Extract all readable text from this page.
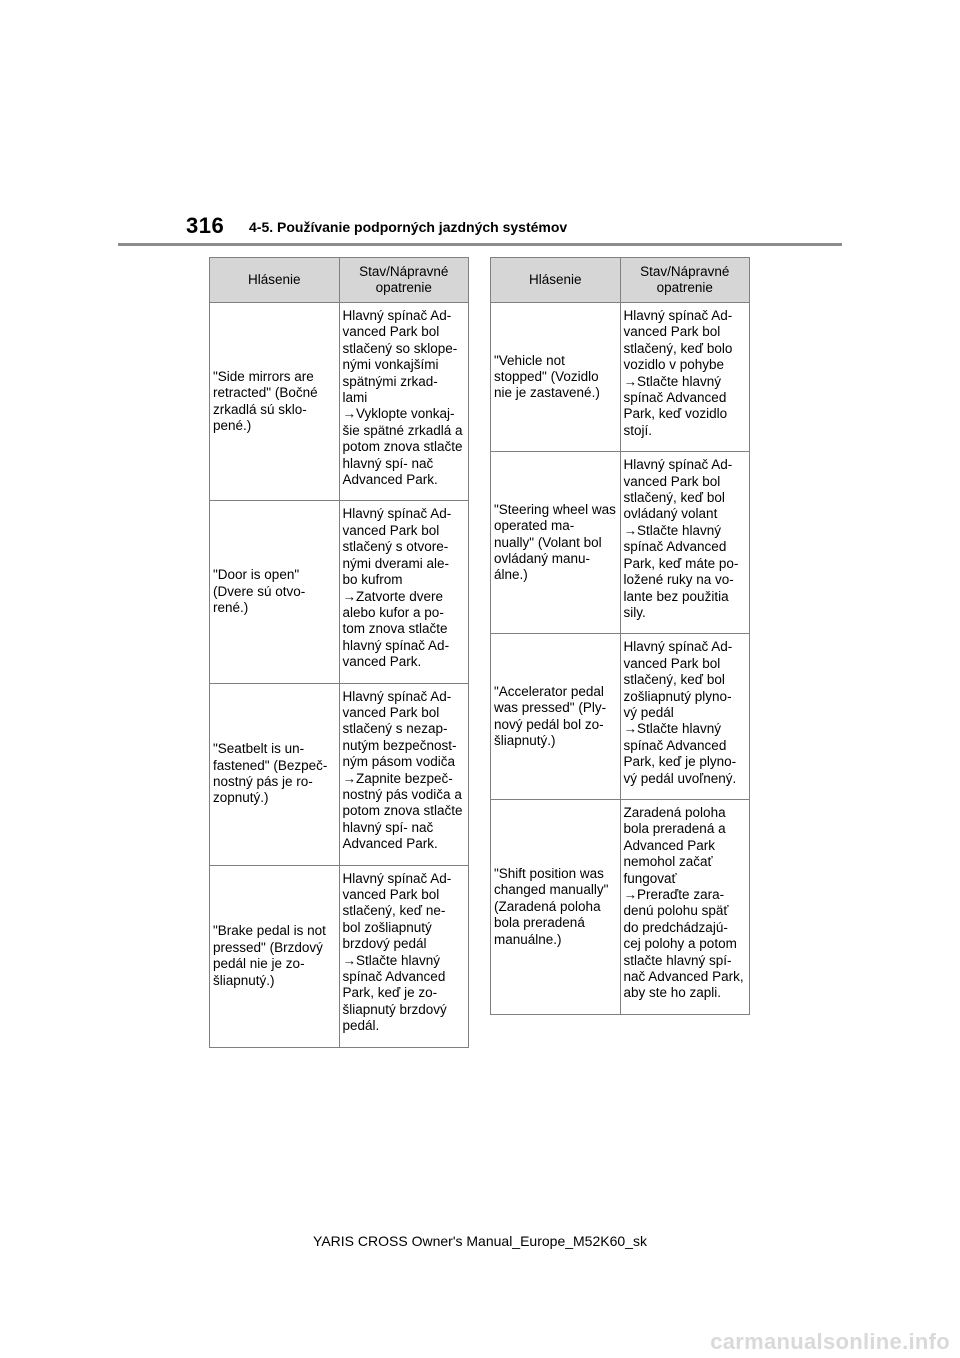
316 4-5. Používanie podporných jazdných systémov
Hlásenie	Stav/Nápravné opatrenie
"Side mirrors are retracted" (Bočné zrkadlá sú sklo- pené.)	Hlavný spínač Ad- vanced Park bol stlačený so sklope- nými vonkajšími spätnými zrkad- lami
→Vyklopte vonkaj- šie spätné zrkadlá a potom znova stlačte hlavný spí- nač Advanced Park.

"Door is open" (Dvere sú otvo- rené.)	Hlavný spínač Ad- vanced Park bol stlačený s otvore- nými dverami ale- bo kufrom
→Zatvorte dvere alebo kufor a po- tom znova stlačte hlavný spínač Ad- vanced Park.

"Seatbelt is un- fastened" (Bezpeč- nostný pás je ro- zopnutý.)	Hlavný spínač Ad- vanced Park bol stlačený s nezap- nutým bezpečnost- ným pásom vodiča
→Zapnite bezpeč- nostný pás vodiča a potom znova stlačte hlavný spí- nač Advanced Park.

"Brake pedal is not pressed" (Brzdový pedál nie je zo- šliapnutý.)	Hlavný spínač Ad- vanced Park bol stlačený, keď ne- bol zošliapnutý brzdový pedál
→Stlačte hlavný spínač Advanced Park, keď je zo- šliapnutý brzdový pedál.
Hlásenie	Stav/Nápravné opatrenie
"Vehicle not stopped" (Vozidlo nie je zastavené.)	Hlavný spínač Ad- vanced Park bol stlačený, keď bolo vozidlo v pohybe
→Stlačte hlavný spínač Advanced Park, keď vozidlo stojí.

"Steering wheel was operated ma- nually" (Volant bol ovládaný manu- álne.)	Hlavný spínač Ad- vanced Park bol stlačený, keď bol ovládaný volant
→Stlačte hlavný spínač Advanced Park, keď máte po- ložené ruky na vo- lante bez použitia sily.

"Accelerator pedal was pressed" (Ply- nový pedál bol zo- šliapnutý.)	Hlavný spínač Ad- vanced Park bol stlačený, keď bol zošliapnutý plyno- vý pedál
→Stlačte hlavný spínač Advanced Park, keď je plyno- vý pedál uvoľnený.

"Shift position was changed manually" (Zaradená poloha bola preradená manuálne.)	Zaradená poloha bola preradená a Advanced Park nemohol začať fungovať
→Preraďte zara- denú polohu späť do predchádzajú- cej polohy a potom stlačte hlavný spí- nač Advanced Park, aby ste ho zapli.
YARIS CROSS Owner's Manual_Europe_M52K60_sk
carmanualsonline.info
